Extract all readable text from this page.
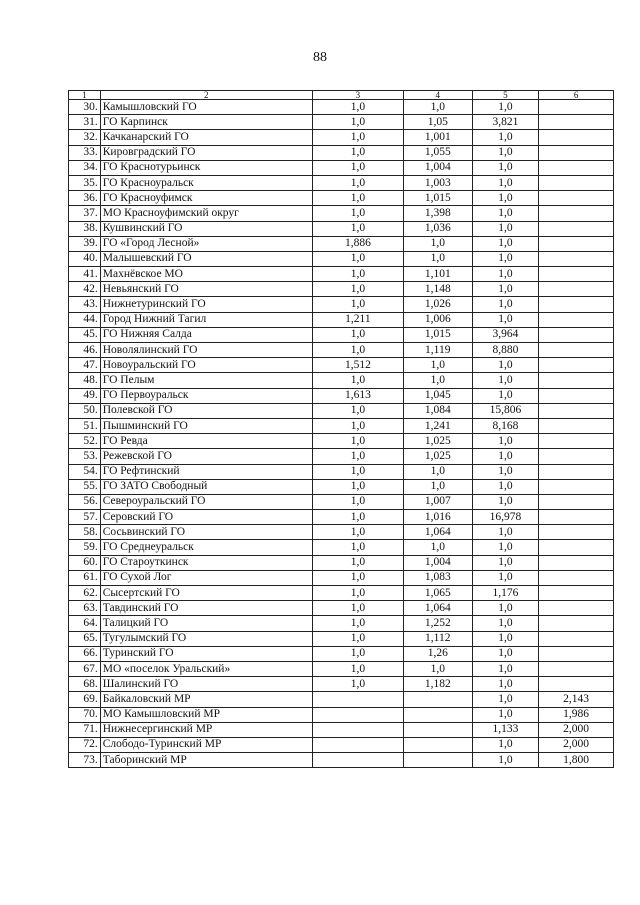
88
1	2	3	4	5	6
30.	Камышловский ГО	1,0	1,0	1,0	
31.	ГО Карпинск	1,0	1,05	3,821	
32.	Качканарский ГО	1,0	1,001	1,0	
33.	Кировградский ГО	1,0	1,055	1,0	
34.	ГО Краснотурьинск	1,0	1,004	1,0	
35.	ГО Красноуральск	1,0	1,003	1,0	
36.	ГО Красноуфимск	1,0	1,015	1,0	
37.	МО Красноуфимский округ	1,0	1,398	1,0	
38.	Кушвинский ГО	1,0	1,036	1,0	
39.	ГО «Город Лесной»	1,886	1,0	1,0	
40.	Малышевский ГО	1,0	1,0	1,0	
41.	Махнёвское МО	1,0	1,101	1,0	
42.	Невьянский ГО	1,0	1,148	1,0	
43.	Нижнетуринский ГО	1,0	1,026	1,0	
44.	Город Нижний Тагил	1,211	1,006	1,0	
45.	ГО Нижняя Салда	1,0	1,015	3,964	
46.	Новолялинский ГО	1,0	1,119	8,880	
47.	Новоуральский ГО	1,512	1,0	1,0	
48.	ГО Пелым	1,0	1,0	1,0	
49.	ГО Первоуральск	1,613	1,045	1,0	
50.	Полевской ГО	1,0	1,084	15,806	
51.	Пышминский ГО	1,0	1,241	8,168	
52.	ГО Ревда	1,0	1,025	1,0	
53.	Режевской ГО	1,0	1,025	1,0	
54.	ГО Рефтинский	1,0	1,0	1,0	
55.	ГО ЗАТО Свободный	1,0	1,0	1,0	
56.	Североуральский ГО	1,0	1,007	1,0	
57.	Серовский ГО	1,0	1,016	16,978	
58.	Сосьвинский ГО	1,0	1,064	1,0	
59.	ГО Среднеуральск	1,0	1,0	1,0	
60.	ГО Староуткинск	1,0	1,004	1,0	
61.	ГО Сухой Лог	1,0	1,083	1,0	
62.	Сысертский ГО	1,0	1,065	1,176	
63.	Тавдинский ГО	1,0	1,064	1,0	
64.	Талицкий ГО	1,0	1,252	1,0	
65.	Тугулымский ГО	1,0	1,112	1,0	
66.	Туринский ГО	1,0	1,26	1,0	
67.	МО «поселок Уральский»	1,0	1,0	1,0	
68.	Шалинский ГО	1,0	1,182	1,0	
69.	Байкаловский МР			1,0	2,143
70.	МО Камышловский МР			1,0	1,986
71.	Нижнесергинский МР			1,133	2,000
72.	Слободо-Туринский МР			1,0	2,000
73.	Таборинский МР			1,0	1,800
